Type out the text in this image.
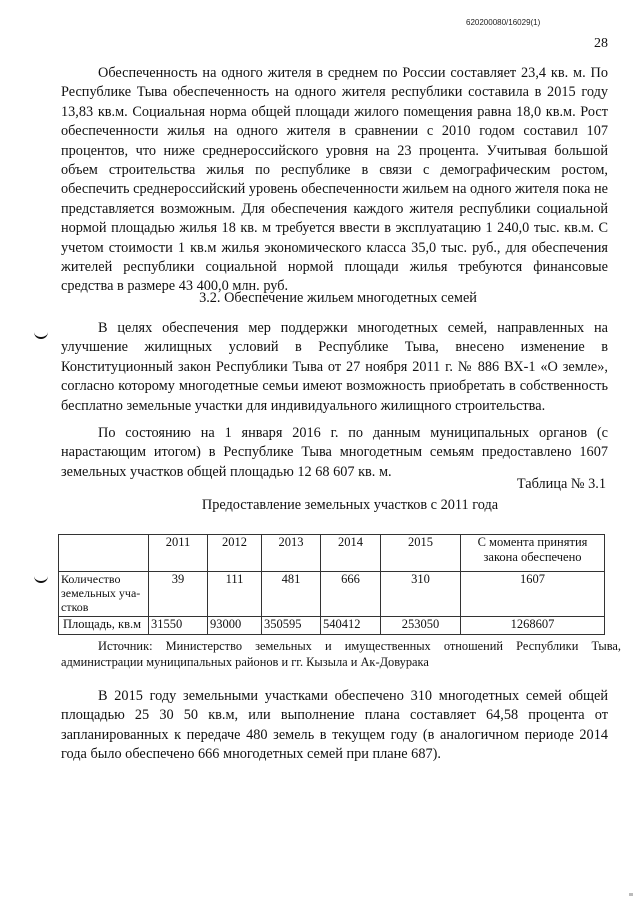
620200080/16029(1)
28

Обеспеченность на одного жителя в среднем по России составляет 23,4 кв. м. По Республике Тыва обеспеченность на одного жителя республики составила в 2015 году 13,83 кв.м. Социальная норма общей площади жилого помещения равна 18,0 кв.м. Рост обеспеченности жилья на одного жителя в сравнении с 2010 годом составил 107 процентов, что ниже среднероссийского уровня на 23 процента. Учитывая большой объем строительства жилья по республике в связи с демографическим ростом, обеспечить среднероссийский уровень обеспеченности жильем на одного жителя пока не представляется возможным. Для обеспечения каждого жителя республики социальной нормой площадью жилья 18 кв. м требуется ввести в эксплуатацию 1 240,0 тыс. кв.м. С учетом стоимости 1 кв.м жилья экономического класса 35,0 тыс. руб., для обеспечения жителей республики социальной нормой площади жилья требуются финансовые средства в размере 43 400,0 млн. руб.

3.2. Обеспечение жильем многодетных семей

В целях обеспечения мер поддержки многодетных семей, направленных на улучшение жилищных условий в Республике Тыва, внесено изменение в Конституционный закон Республики Тыва от 27 ноября 2011 г. № 886 ВХ-1 «О земле», согласно которому многодетные семьи имеют возможность приобретать в собственность бесплатно земельные участки для индивидуального жилищного строительства.

По состоянию на 1 января 2016 г. по данным муниципальных органов (с нарастающим итогом) в Республике Тыва многодетным семьям предоставлено 1607 земельных участков общей площадью 12 68 607 кв. м.

Таблица № 3.1
Предоставление земельных участков с 2011 года
	2011	2012	2013	2014	2015	С момента принятия закона обеспечено
Количество земельных уча-стков	39	111	481	666	310	1607
Площадь, кв.м	31550	93000	350595	540412	253050	1268607

Источник: Министерство земельных и имущественных отношений Республики Тыва, администрации муниципальных районов и гг. Кызыла и Ак-Довурака

В 2015 году земельными участками обеспечено 310 многодетных семей общей площадью 25 30 50 кв.м, или выполнение плана составляет 64,58 процента от запланированных к передаче 480 земель в текущем году (в аналогичном периоде 2014 года было обеспечено 666 многодетных семей при плане 687).
